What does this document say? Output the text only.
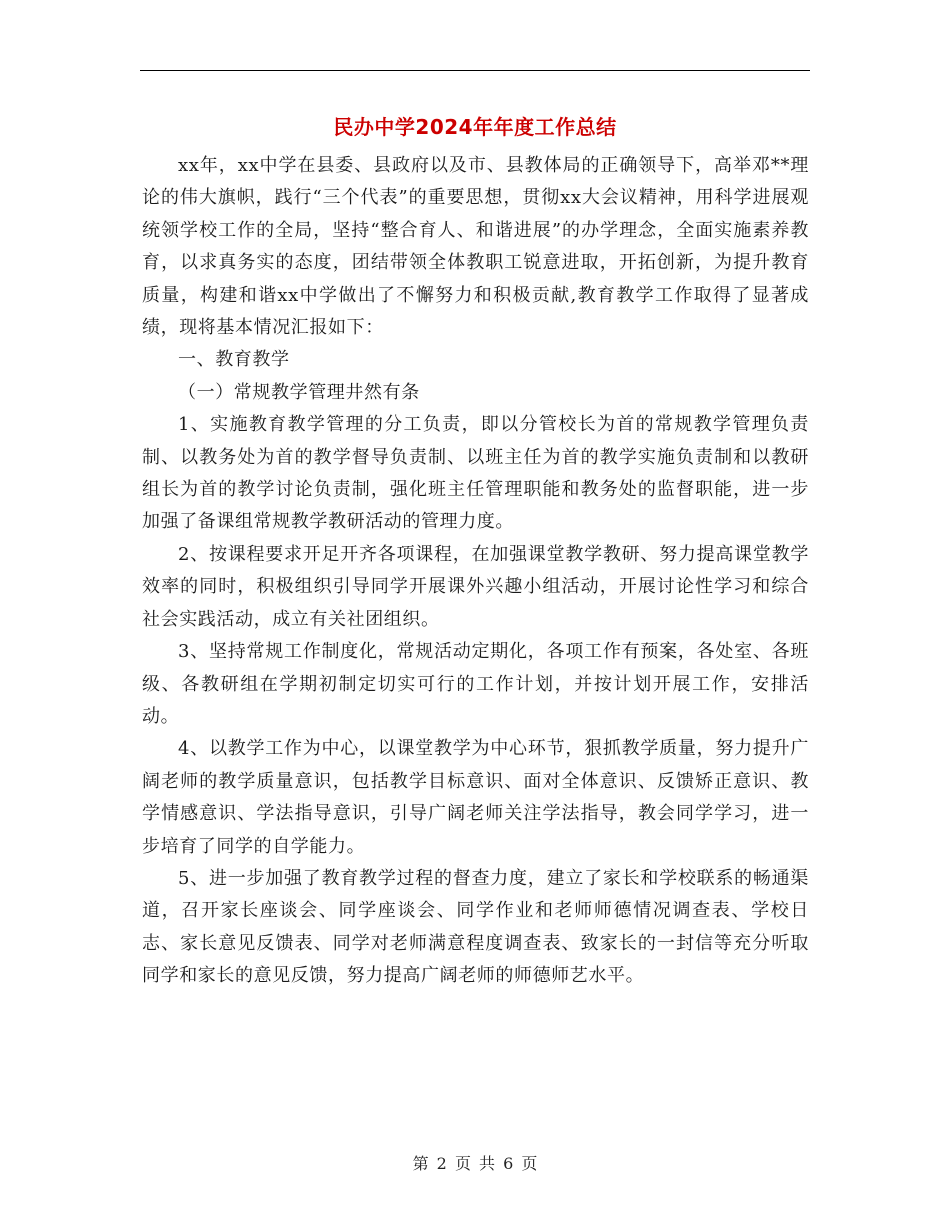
民办中学2024年年度工作总结

xx年，xx中学在县委、县政府以及市、县教体局的正确领导下，高举邓**理论的伟大旗帜，践行“三个代表”的重要思想，贯彻xx大会议精神，用科学进展观统领学校工作的全局，坚持“整合育人、和谐进展”的办学理念，全面实施素养教育，以求真务实的态度，团结带领全体教职工锐意进取，开拓创新，为提升教育质量，构建和谐xx中学做出了不懈努力和积极贡献,教育教学工作取得了显著成绩，现将基本情况汇报如下：

一、教育教学

（一）常规教学管理井然有条

1、实施教育教学管理的分工负责，即以分管校长为首的常规教学管理负责制、以教务处为首的教学督导负责制、以班主任为首的教学实施负责制和以教研组长为首的教学讨论负责制，强化班主任管理职能和教务处的监督职能，进一步加强了备课组常规教学教研活动的管理力度。

2、按课程要求开足开齐各项课程，在加强课堂教学教研、努力提高课堂教学效率的同时，积极组织引导同学开展课外兴趣小组活动，开展讨论性学习和综合社会实践活动，成立有关社团组织。

3、坚持常规工作制度化，常规活动定期化，各项工作有预案，各处室、各班级、各教研组在学期初制定切实可行的工作计划，并按计划开展工作，安排活动。

4、以教学工作为中心，以课堂教学为中心环节，狠抓教学质量，努力提升广阔老师的教学质量意识，包括教学目标意识、面对全体意识、反馈矫正意识、教学情感意识、学法指导意识，引导广阔老师关注学法指导，教会同学学习，进一步培育了同学的自学能力。

5、进一步加强了教育教学过程的督查力度，建立了家长和学校联系的畅通渠道，召开家长座谈会、同学座谈会、同学作业和老师师德情况调查表、学校日志、家长意见反馈表、同学对老师满意程度调查表、致家长的一封信等充分听取同学和家长的意见反馈，努力提高广阔老师的师德师艺水平。

第 2 页 共 6 页
